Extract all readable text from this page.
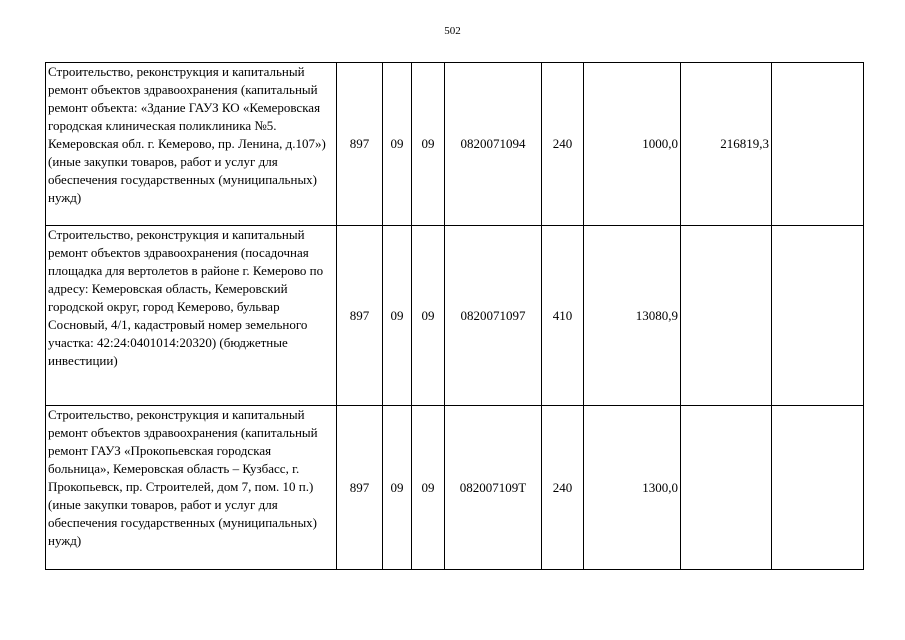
502
Строительство, реконструкция и капитальный ремонт объектов здравоохранения (капитальный ремонт объекта: «Здание ГАУЗ КО «Кемеровская городская клиническая поликлиника №5. Кемеровская обл. г. Кемерово, пр. Ленина, д.107») (иные закупки товаров, работ и услуг для обеспечения государственных (муниципальных) нужд)	897	09	09	0820071094	240	1000,0	216819,3	
Строительство, реконструкция и капитальный ремонт объектов здравоохранения (посадочная площадка для вертолетов в районе г. Кемерово по адресу: Кемеровская область, Кемеровский городской округ, город Кемерово, бульвар Сосновый, 4/1, кадастровый номер земельного участка: 42:24:0401014:20320) (бюджетные инвестиции)	897	09	09	0820071097	410	13080,9		
Строительство, реконструкция и капитальный ремонт объектов здравоохранения (капитальный ремонт ГАУЗ «Прокопьевская городская больница», Кемеровская область – Кузбасс, г. Прокопьевск, пр. Строителей, дом 7, пом. 10 п.) (иные закупки товаров, работ и услуг для обеспечения государственных (муниципальных) нужд)	897	09	09	082007109Т	240	1300,0		
